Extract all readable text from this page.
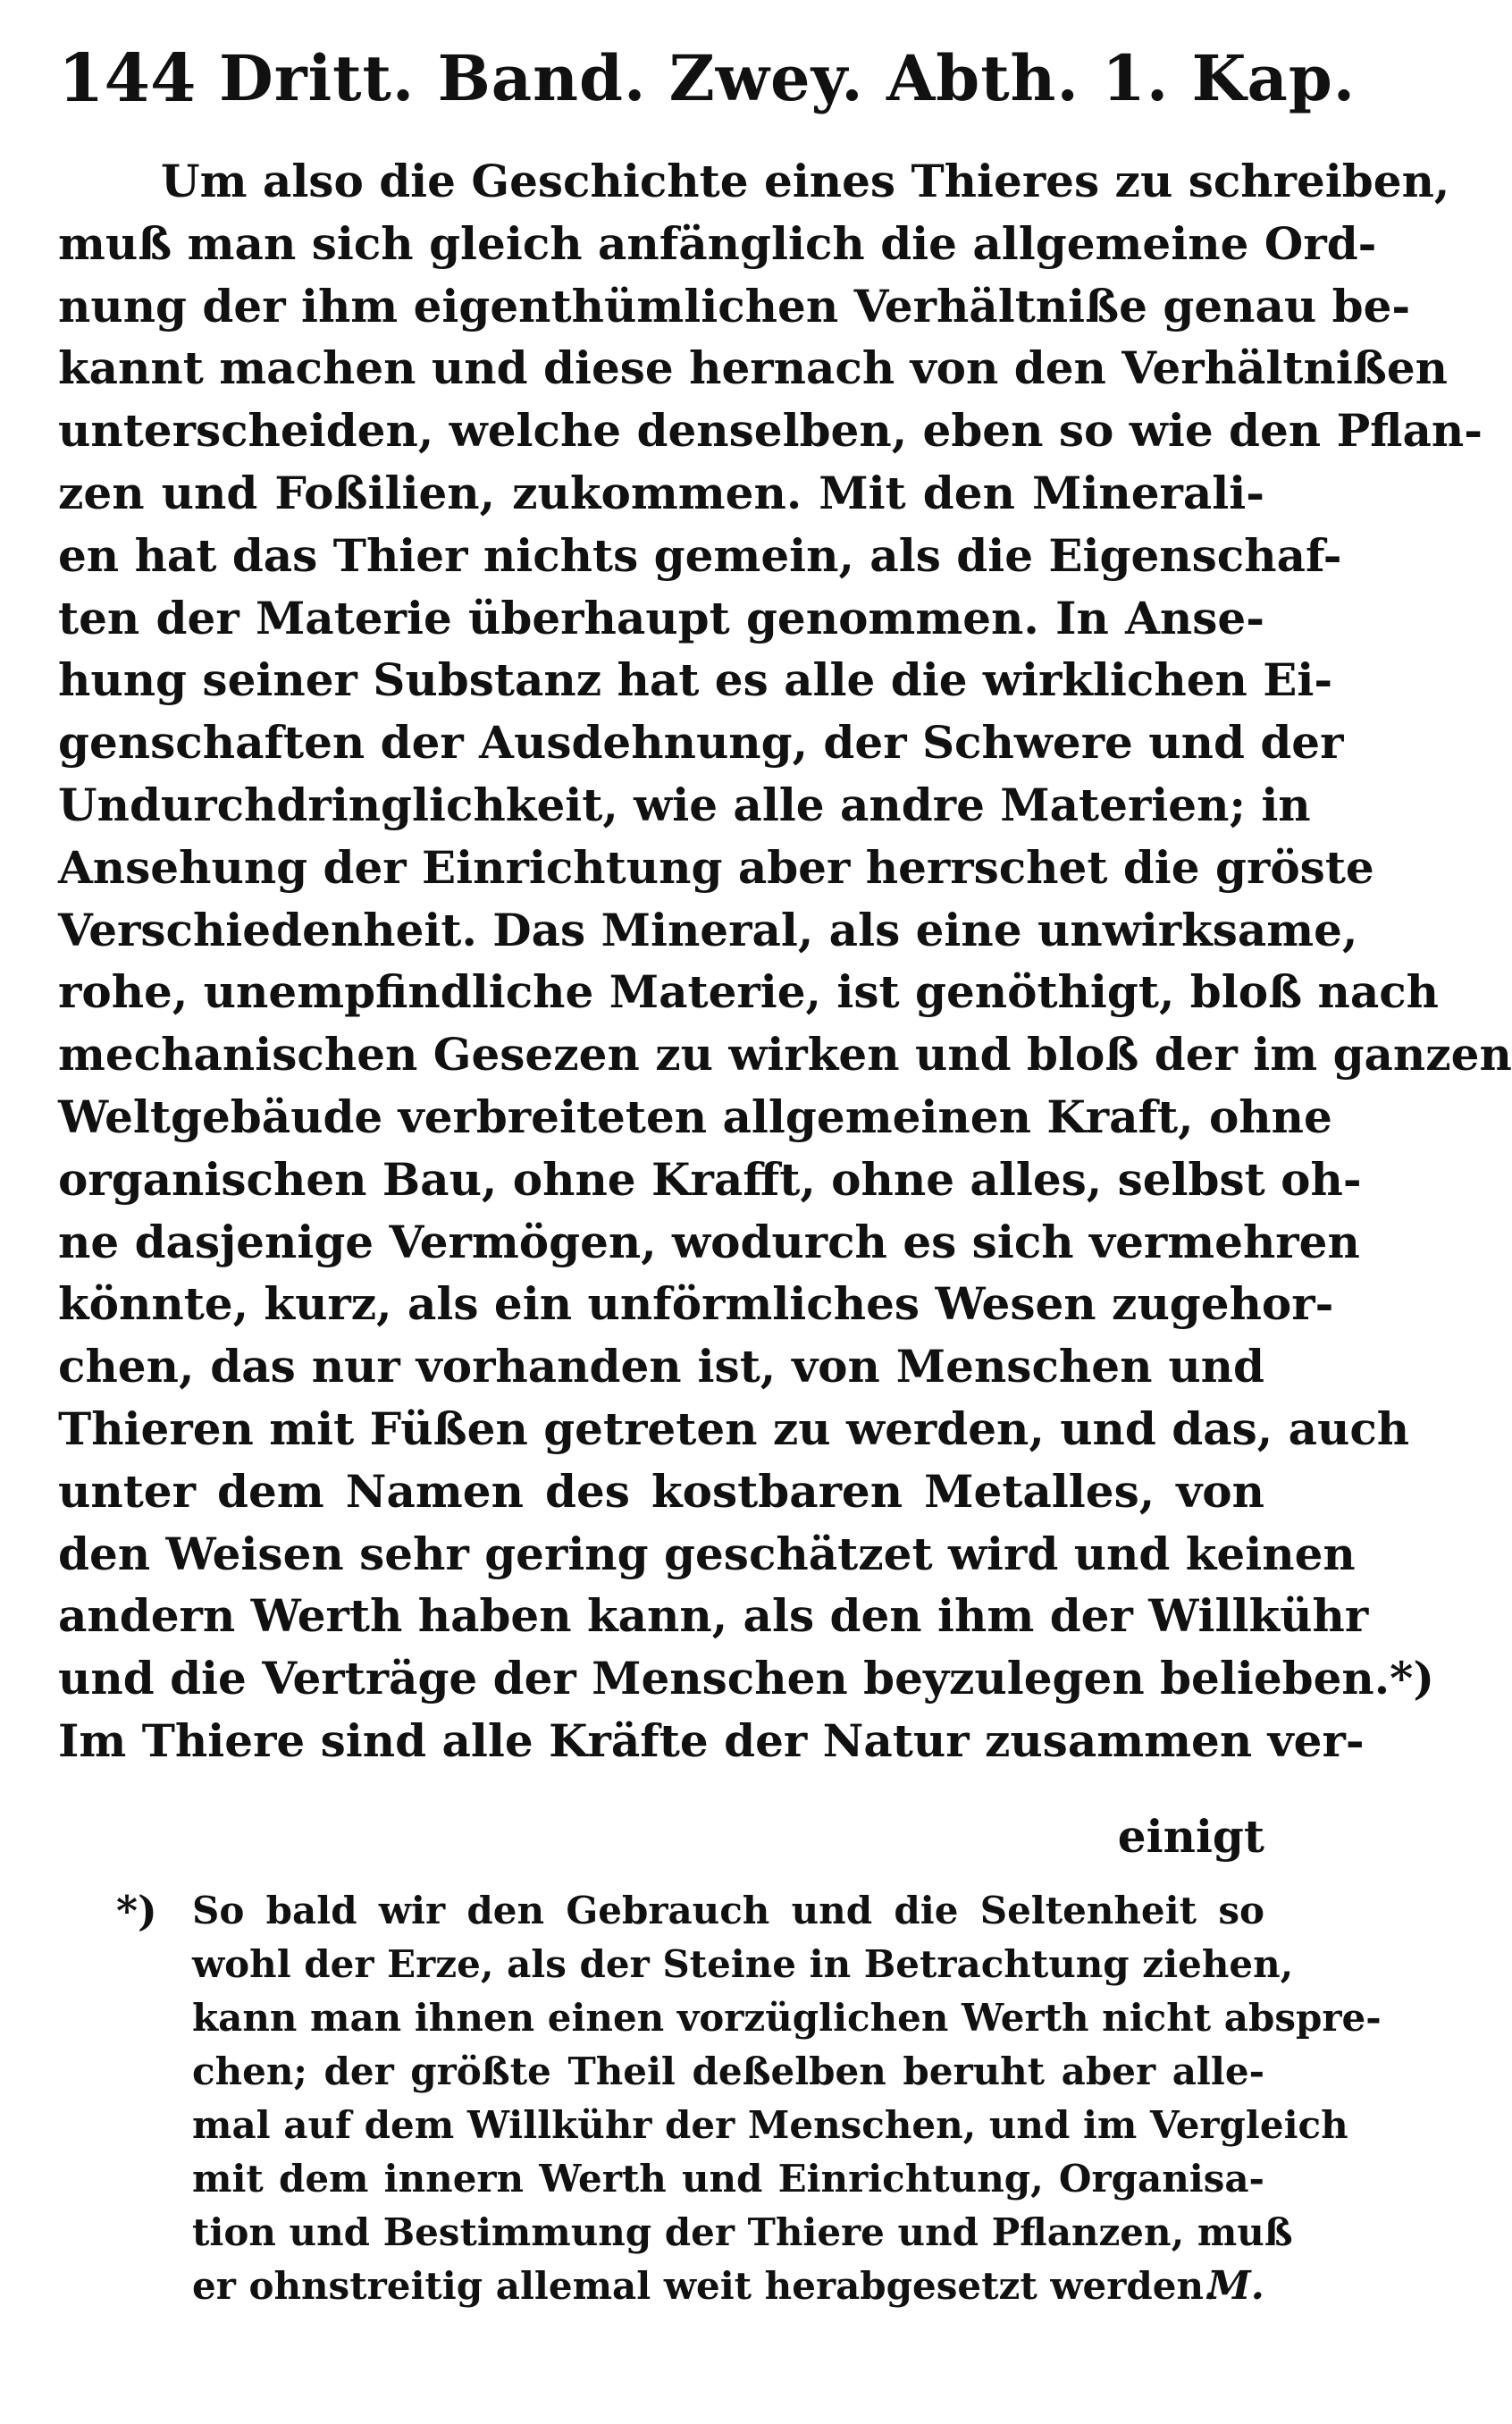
144 Dritt. Band. Zwey. Abth. 1. Kap.
Um also die Geschichte eines Thieres zu schreiben,
muß man sich gleich anfänglich die allgemeine Ord-
nung der ihm eigenthümlichen Verhältniße genau be-
kannt machen und diese hernach von den Verhältnißen
unterscheiden, welche denselben, eben so wie den Pflan-
zen und Foßilien, zukommen. Mit den Minerali-
en hat das Thier nichts gemein, als die Eigenschaf-
ten der Materie überhaupt genommen. In Anse-
hung seiner Substanz hat es alle die wirklichen Ei-
genschaften der Ausdehnung, der Schwere und der
Undurchdringlichkeit, wie alle andre Materien; in
Ansehung der Einrichtung aber herrschet die gröste
Verschiedenheit. Das Mineral, als eine unwirksame,
rohe, unempfindliche Materie, ist genöthigt, bloß nach
mechanischen Gesezen zu wirken und bloß der im ganzen
Weltgebäude verbreiteten allgemeinen Kraft, ohne
organischen Bau, ohne Krafft, ohne alles, selbst oh-
ne dasjenige Vermögen, wodurch es sich vermehren
könnte, kurz, als ein unförmliches Wesen zugehor-
chen, das nur vorhanden ist, von Menschen und
Thieren mit Füßen getreten zu werden, und das, auch
unter dem Namen des kostbaren Metalles, von
den Weisen sehr gering geschätzet wird und keinen
andern Werth haben kann, als den ihm der Willkühr
und die Verträge der Menschen beyzulegen belieben.*)
Im Thiere sind alle Kräfte der Natur zusammen ver-
einigt
*) So bald wir den Gebrauch und die Seltenheit so
wohl der Erze, als der Steine in Betrachtung ziehen,
kann man ihnen einen vorzüglichen Werth nicht abspre-
chen; der größte Theil deßelben beruht aber alle-
mal auf dem Willkühr der Menschen, und im Vergleich
mit dem innern Werth und Einrichtung, Organisa-
tion und Bestimmung der Thiere und Pflanzen, muß
er ohnstreitig allemal weit herabgesetzt werden.
M.
